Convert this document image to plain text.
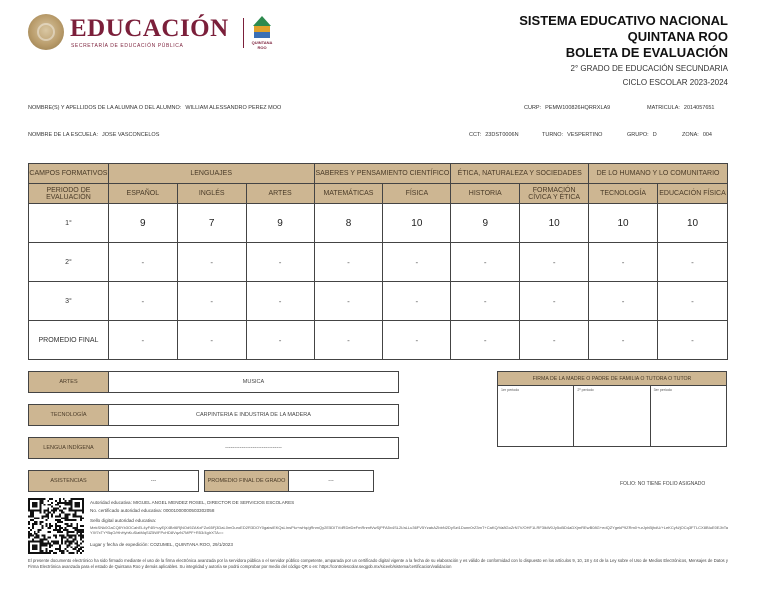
EDUCACIÓN
SECRETARÍA DE EDUCACIÓN PÚBLICA
QUINTANA ROO
SISTEMA EDUCATIVO NACIONAL
QUINTANA ROO
BOLETA DE EVALUACIÓN
2° GRADO DE EDUCACIÓN SECUNDARIA
CICLO ESCOLAR 2023-2024
NOMBRE(S) Y APELLIDOS DE LA ALUMNA O DEL ALUMNO: WILLIAM ALESSANDRO PEREZ MOO	CURP: PEMW100826HQRRXLA9	MATRICULA: 2014057651
NOMBRE DE LA ESCUELA: JOSE VASCONCELOS	CCT: 23DST0006N	TURNO: VESPERTINO	GRUPO: D	ZONA: 004
CAMPOS FORMATIVOS	LENGUAJES			SABERES Y PENSAMIENTO CIENTÍFICO		ÉTICA, NATURALEZA Y SOCIEDADES		DE LO HUMANO Y LO COMUNITARIO	
PERIODO DE EVALUACIÓN	ESPAÑOL	INGLÉS	ARTES	MATEMÁTICAS	FÍSICA	HISTORIA	FORMACIÓN CÍVICA Y ÉTICA	TECNOLOGÍA	EDUCACIÓN FÍSICA
1°	9	7	9	8	10	9	10	10	10
2°	-	-	-	-	-	-	-	-	-
3°	-	-	-	-	-	-	-	-	-
PROMEDIO FINAL	-	-	-	-	-	-	-	-	-
ARTES	MUSICA
TECNOLOGÍA	CARPINTERIA E INDUSTRIA DE LA MADERA
LENGUA INDÍGENA	-------------------------------
ASISTENCIAS	---	PROMEDIO FINAL DE GRADO	---
FIRMA DE LA MADRE O PADRE DE FAMILIA O TUTORA O TUTOR
1er periodo	2º periodo	3er periodo
FOLIO: NO TIENE FOLIO ASIGNADO
Autoridad educativa: MIGUEL ANGEL MENDEZ ROSEL, DIRECTOR DE SERVICIOS ESCOLARES
No. certificado autoridad educativa: 00001000000503302058
Sello digital autoridad educativa:
MekSNk0GaCQ8Yb3OCahEL4yF4B+uyEjX4BrI6RjNOd9ZAKxFZo65Fj3DaL0mGuroED2R3DOY0gaiwiEKQsLInsPlu+wHq/gRnmQy2E5DITVdRDeDeFmRnmfVwSjPFA5x4SL2I/aLLu36FV5YzabAZbbN2DySzt1Dunn0rZ3mT+CaKQ/Va8GoZrN7V/OHF1LRF3lkW0Jy5oBD4aDXjmREwB08G+edQZYgekP9ZRm0+urJphBjhdU/+LeKCyN/jOCq3FTLCX8BIuE0EJbTaYXf7xTY*BqO/HhHyhKuSiatMqSlZ5WFPcHD8VqzN7MPF+R53/4gIrXTA==
Lugar y fecha de expedición: COZUMEL, QUINTANA ROO, 29/1/2023
El presente documento electrónico ha sido firmado mediante el uso de la firma electrónica avanzada por la servidora pública o el servidor público competente, amparada por un certificado digital vigente a la fecha de su elaboración y es válido de conformidad con lo dispuesto en los artículos 9, 10, 18 y 44 de la Ley sobre el Uso de Medios Electrónicos, Mensajes de Datos y Firma Electrónica avanzada para el estado de Quintana Roo y demás aplicables. Su integridad y autoría se podrá comprobar por medio del código QR o en: https://controlescolar.seqgob.mx/siceeb/sistema/certificacion/validacion
